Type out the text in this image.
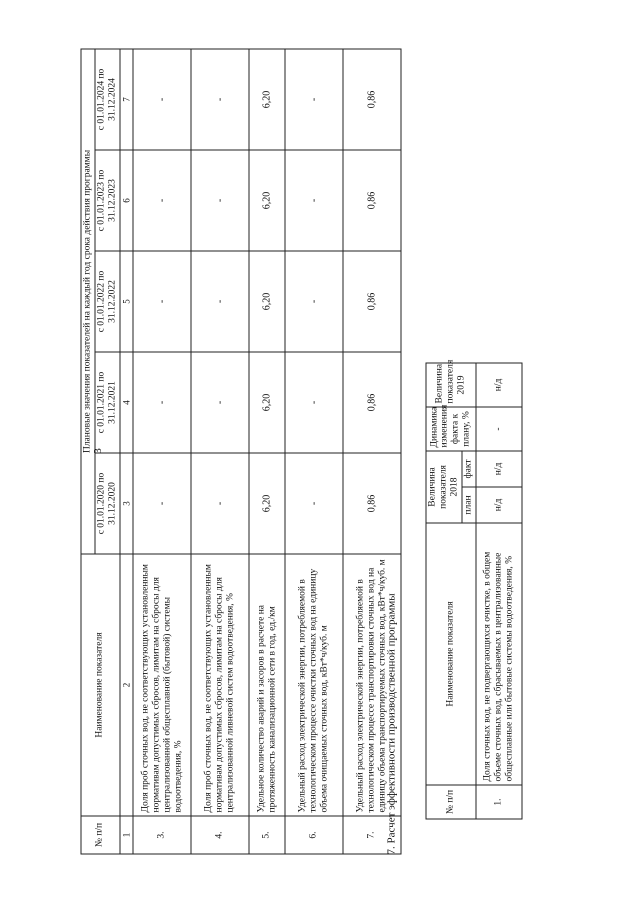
3
№ п/п	Наименование показателя	Плановые значения показателей на каждый год срока действия программы				
		с 01.01.2020 по 31.12.2020	с 01.01.2021 по 31.12.2021	с 01.01.2022 по 31.12.2022	с 01.01.2023 по 31.12.2023	с 01.01.2024 по 31.12.2024
1	2	3	4	5	6	7
3.	Доля проб сточных вод, не соответствующих установленным нормативам допустимых сбросов, лимитам на сбросы для централизованной общесплавной (бытовой) системы водоотведения, %	-	-	-	-	-
4.	Доля проб сточных вод, не соответствующих установленным нормативам допустимых сбросов, лимитам на сбросы для централизованной ливневой систем водоотведения, %	-	-	-	-	-
5.	Удельное количество аварий и засоров в расчете на протяженность канализационной сети в год, ед./км	6,20	6,20	6,20	6,20	6,20
6.	Удельный расход электрической энергии, потребляемой в технологическом процессе очистки сточных вод на единицу объема очищаемых сточных вод, кВт*ч/куб. м	-	-	-	-	-
7.	Удельный расход электрической энергии, потребляемой в технологическом процессе транспортировки сточных вод на единицу объема транспортируемых сточных вод, кВт*ч/куб. м	0,86	0,86	0,86	0,86	0,86
7. Расчет эффективности производственной программы	№ п/п	Наименование показателя	Величина показателя 2018		Динамика изменения факта к плану, %	Величина показателя 2019
		план	факт		
1.	Доля сточных вод, не подвергающихся очистке, в общем объеме сточных вод, сбрасываемых в централизованные общесплавные или бытовые системы водоотведения, %	н/д	н/д	-	н/д
